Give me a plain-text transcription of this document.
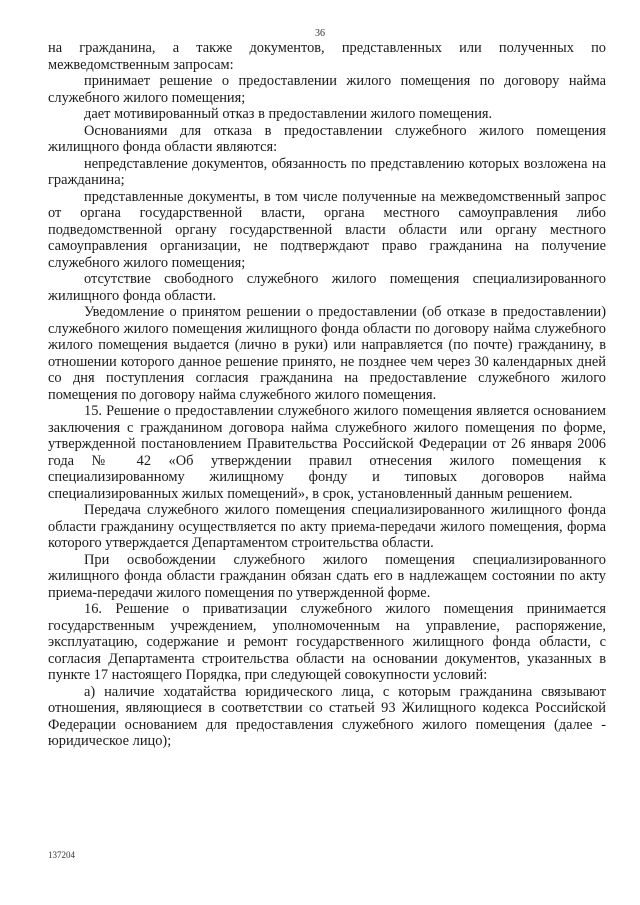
36

на гражданина, а также документов, представленных или полученных по межведомственным запросам:

принимает решение о предоставлении жилого помещения по договору найма служебного жилого помещения;

дает мотивированный отказ в предоставлении жилого помещения.

Основаниями для отказа в предоставлении служебного жилого помещения жилищного фонда области являются:

непредставление документов, обязанность по представлению которых возложена на гражданина;

представленные документы, в том числе полученные на межведомственный запрос от органа государственной власти, органа местного самоуправления либо подведомственной органу государственной власти области или органу местного самоуправления организации, не подтверждают право гражданина на получение служебного жилого помещения;

отсутствие свободного служебного жилого помещения специализированного жилищного фонда области.

Уведомление о принятом решении о предоставлении (об отказе в предоставлении) служебного жилого помещения жилищного фонда области по договору найма служебного жилого помещения выдается (лично в руки) или направляется (по почте) гражданину, в отношении которого данное решение принято, не позднее чем через 30 календарных дней со дня поступления согласия гражданина на предоставление служебного жилого помещения по договору найма служебного жилого помещения.

15. Решение о предоставлении служебного жилого помещения является основанием заключения с гражданином договора найма служебного жилого помещения по форме, утвержденной постановлением Правительства Российской Федерации от 26 января 2006 года № 42 «Об утверждении правил отнесения жилого помещения к специализированному жилищному фонду и типовых договоров найма специализированных жилых помещений», в срок, установленный данным решением.

Передача служебного жилого помещения специализированного жилищного фонда области гражданину осуществляется по акту приема-передачи жилого помещения, форма которого утверждается Департаментом строительства области.

При освобождении служебного жилого помещения специализированного жилищного фонда области гражданин обязан сдать его в надлежащем состоянии по акту приема-передачи жилого помещения по утвержденной форме.

16. Решение о приватизации служебного жилого помещения принимается государственным учреждением, уполномоченным на управление, распоряжение, эксплуатацию, содержание и ремонт государственного жилищного фонда области, с согласия Департамента строительства области на основании документов, указанных в пункте 17 настоящего Порядка, при следующей совокупности условий:

а) наличие ходатайства юридического лица, с которым гражданина связывают отношения, являющиеся в соответствии со статьей 93 Жилищного кодекса Российской Федерации основанием для предоставления служебного жилого помещения (далее - юридическое лицо);

137204
